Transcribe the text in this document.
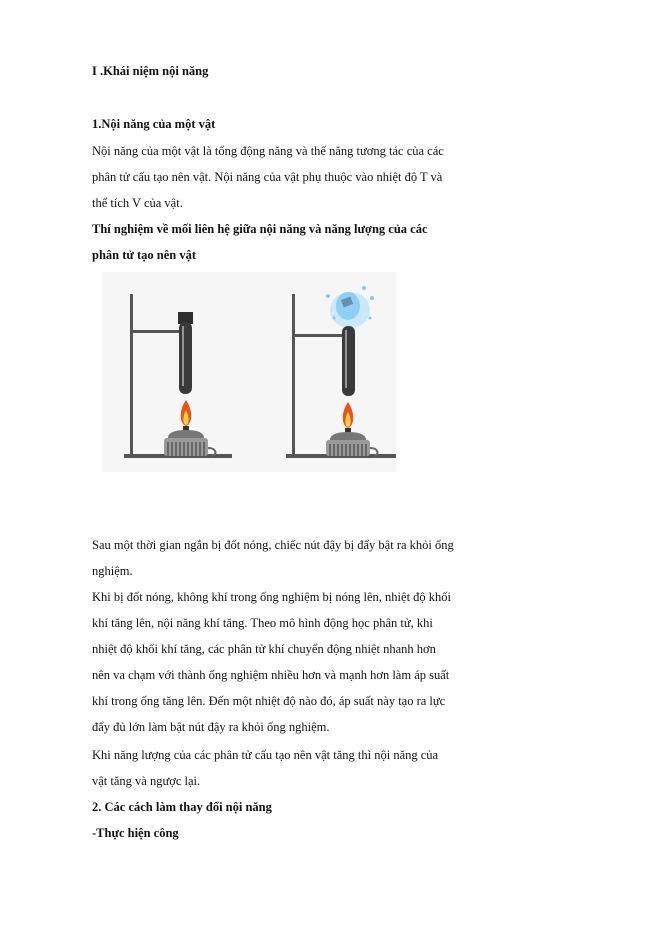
I .Khái niệm nội năng
1.Nội năng của một vật
Nội năng của một vật là tổng động năng và thế năng tương tác của các
phân tử cấu tạo nên vật. Nội năng của vật phụ thuộc vào nhiệt độ T và
thể tích V của vật.
Thí nghiệm về mối liên hệ giữa nội năng và năng lượng của các
phân tử tạo nên vật
Sau một thời gian ngắn bị đốt nóng, chiếc nút đậy bị đẩy bật ra khỏi ống
nghiệm.
Khi bị đốt nóng, không khí trong ống nghiệm bị nóng lên, nhiệt độ khối
khí tăng lên, nội năng khí tăng. Theo mô hình động học phân tử, khi
nhiệt độ khối khí tăng, các phân tử khí chuyển động nhiệt nhanh hơn
nên va chạm với thành ống nghiệm nhiều hơn và mạnh hơn làm áp suất
khí trong ống tăng lên. Đến một nhiệt độ nào đó, áp suất này tạo ra lực
đẩy đủ lớn làm bật nút đậy ra khỏi ống nghiệm.
Khi năng lượng của các phân tử cấu tạo nên vật tăng thì nội năng của
vật tăng và ngược lại.
2. Các cách làm thay đổi nội năng
-Thực hiện công
